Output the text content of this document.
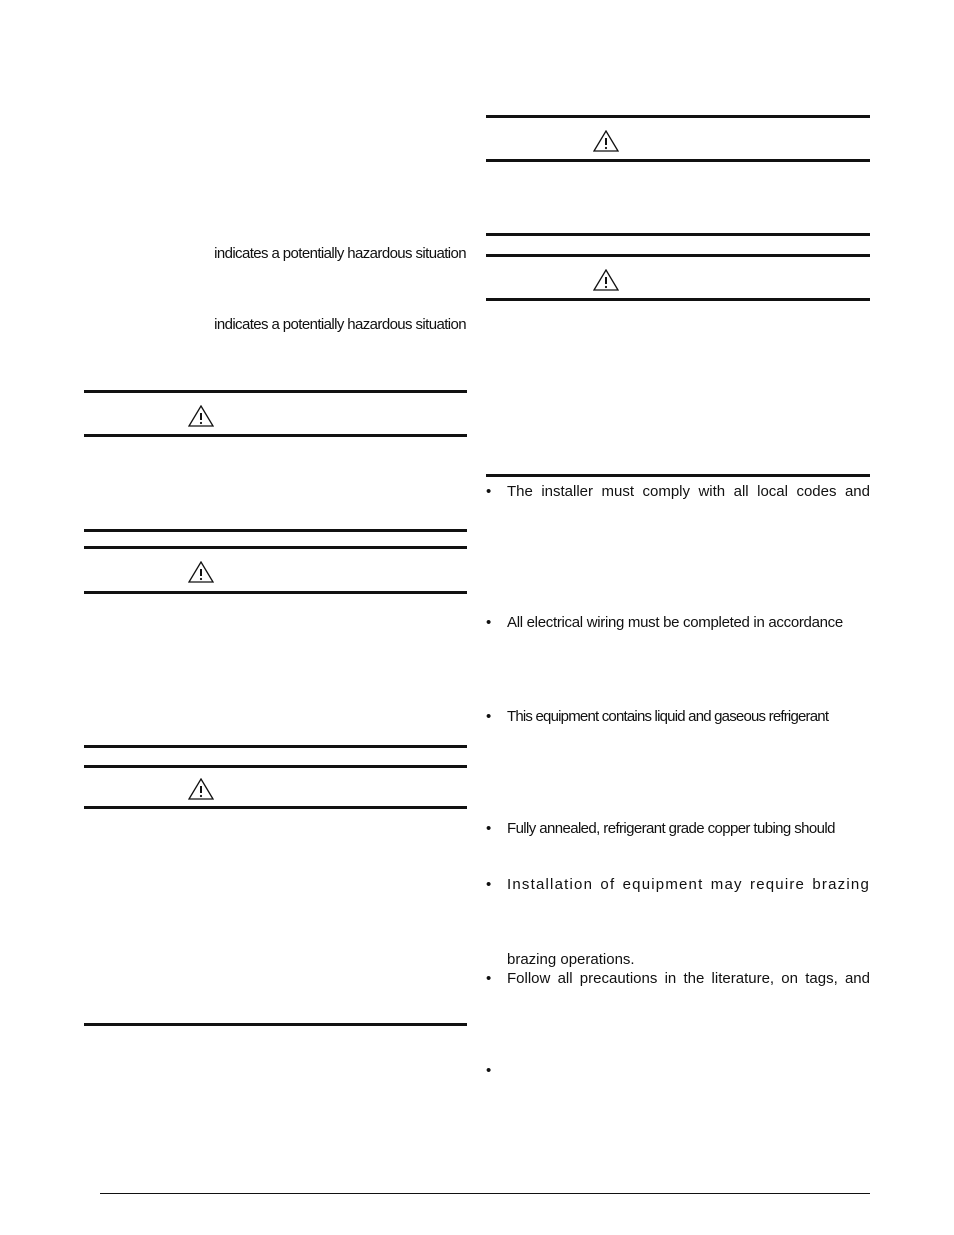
indicates a potentially hazardous situation
indicates a potentially hazardous situation
• The installer must comply with all local codes and
• All electrical wiring must be completed in accordance
• This equipment contains liquid and gaseous refrigerant
• Fully annealed, refrigerant grade copper tubing should
• Installation of equipment may require brazing
brazing operations.
• Follow all precautions in the literature, on tags, and
•
